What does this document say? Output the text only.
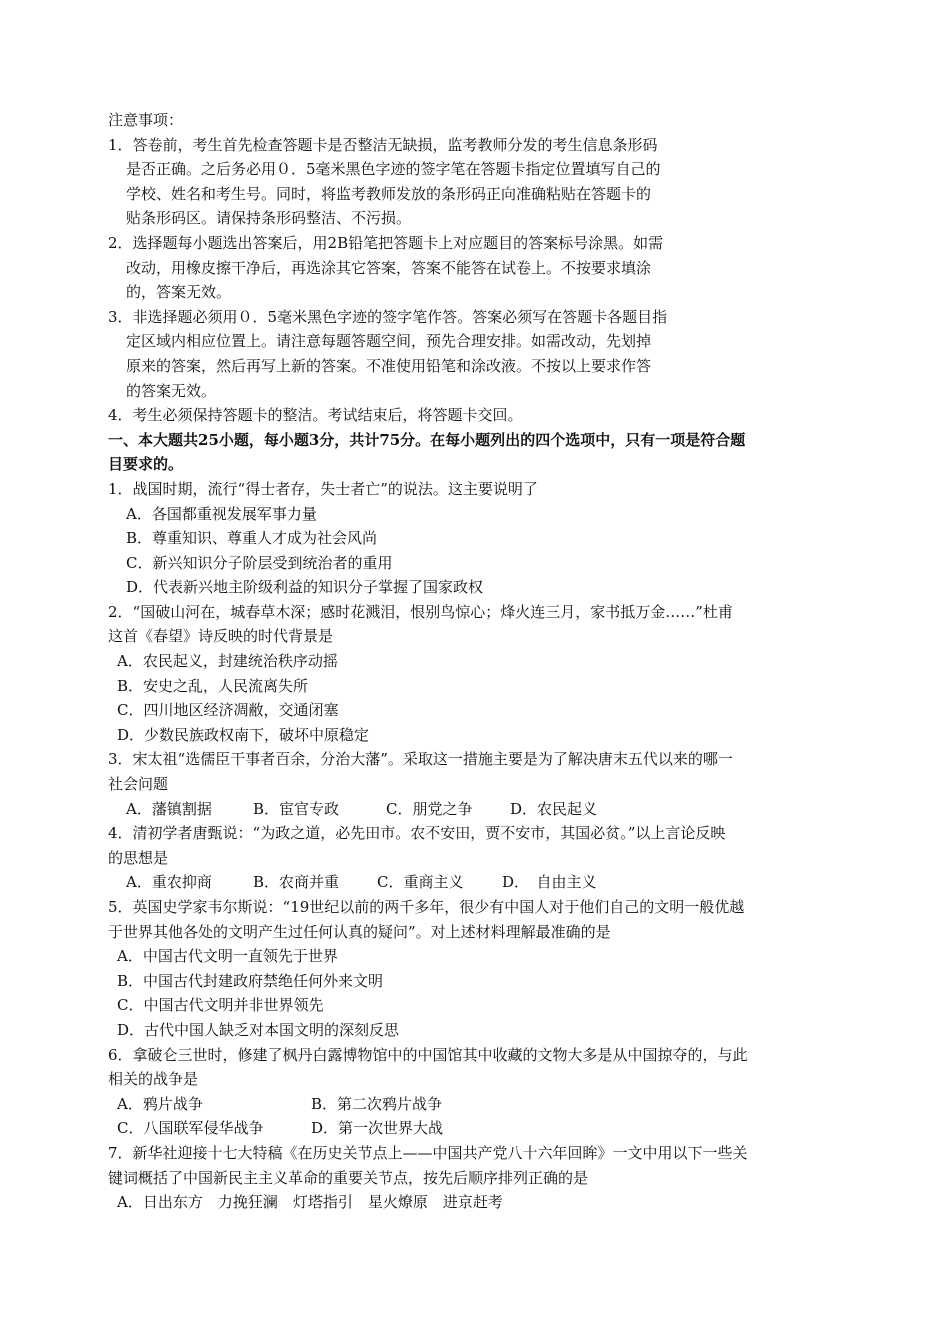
注意事项：
1．答卷前，考生首先检查答题卡是否整洁无缺损，监考教师分发的考生信息条形码
是否正确。之后务必用０．5毫米黑色字迹的签字笔在答题卡指定位置填写自己的
学校、姓名和考生号。同时，将监考教师发放的条形码正向准确粘贴在答题卡的
贴条形码区。请保持条形码整洁、不污损。
2．选择题每小题选出答案后，用2B铅笔把答题卡上对应题目的答案标号涂黑。如需
改动，用橡皮擦干净后，再选涂其它答案，答案不能答在试卷上。不按要求填涂
的，答案无效。
3．非选择题必须用０．5毫米黑色字迹的签字笔作答。答案必须写在答题卡各题目指
定区域内相应位置上。请注意每题答题空间，预先合理安排。如需改动，先划掉
原来的答案，然后再写上新的答案。不准使用铅笔和涂改液。不按以上要求作答
的答案无效。
4．考生必须保持答题卡的整洁。考试结束后，将答题卡交回。
一、本大题共25小题，每小题3分，共计75分。在每小题列出的四个选项中，只有一项是符合题
目要求的。
1．战国时期，流行“得士者存，失士者亡”的说法。这主要说明了
A．各国都重视发展军事力量
B．尊重知识、尊重人才成为社会风尚
C．新兴知识分子阶层受到统治者的重用
D．代表新兴地主阶级利益的知识分子掌握了国家政权
2．“国破山河在，城春草木深；感时花溅泪，恨别鸟惊心；烽火连三月，家书抵万金……”杜甫
这首《春望》诗反映的时代背景是
A．农民起义，封建统治秩序动摇
B．安史之乱，人民流离失所
C．四川地区经济凋敝，交通闭塞
D．少数民族政权南下，破坏中原稳定
3．宋太祖“选儒臣干事者百余，分治大藩”。采取这一措施主要是为了解决唐末五代以来的哪一
社会问题
A．藩镇割据	B．宦官专政	C．朋党之争	D．农民起义
4．清初学者唐甄说：“为政之道，必先田市。农不安田，贾不安市，其国必贫。”以上言论反映
的思想是
A．重农抑商	B．农商并重	C．重商主义	D．　自由主义
5．英国史学家韦尔斯说：“19世纪以前的两千多年，很少有中国人对于他们自己的文明一般优越
于世界其他各处的文明产生过任何认真的疑问”。对上述材料理解最准确的是
A．中国古代文明一直领先于世界
B．中国古代封建政府禁绝任何外来文明
C．中国古代文明并非世界领先
D．古代中国人缺乏对本国文明的深刻反思
6．拿破仑三世时，修建了枫丹白露博物馆中的中国馆其中收藏的文物大多是从中国掠夺的，与此
相关的战争是
A．鸦片战争	B．第二次鸦片战争
C．八国联军侵华战争	D．第一次世界大战
7．新华社迎接十七大特稿《在历史关节点上——中国共产党八十六年回眸》一文中用以下一些关
键词概括了中国新民主主义革命的重要关节点，按先后顺序排列正确的是
A．日出东方　力挽狂澜　灯塔指引　星火燎原　进京赶考
